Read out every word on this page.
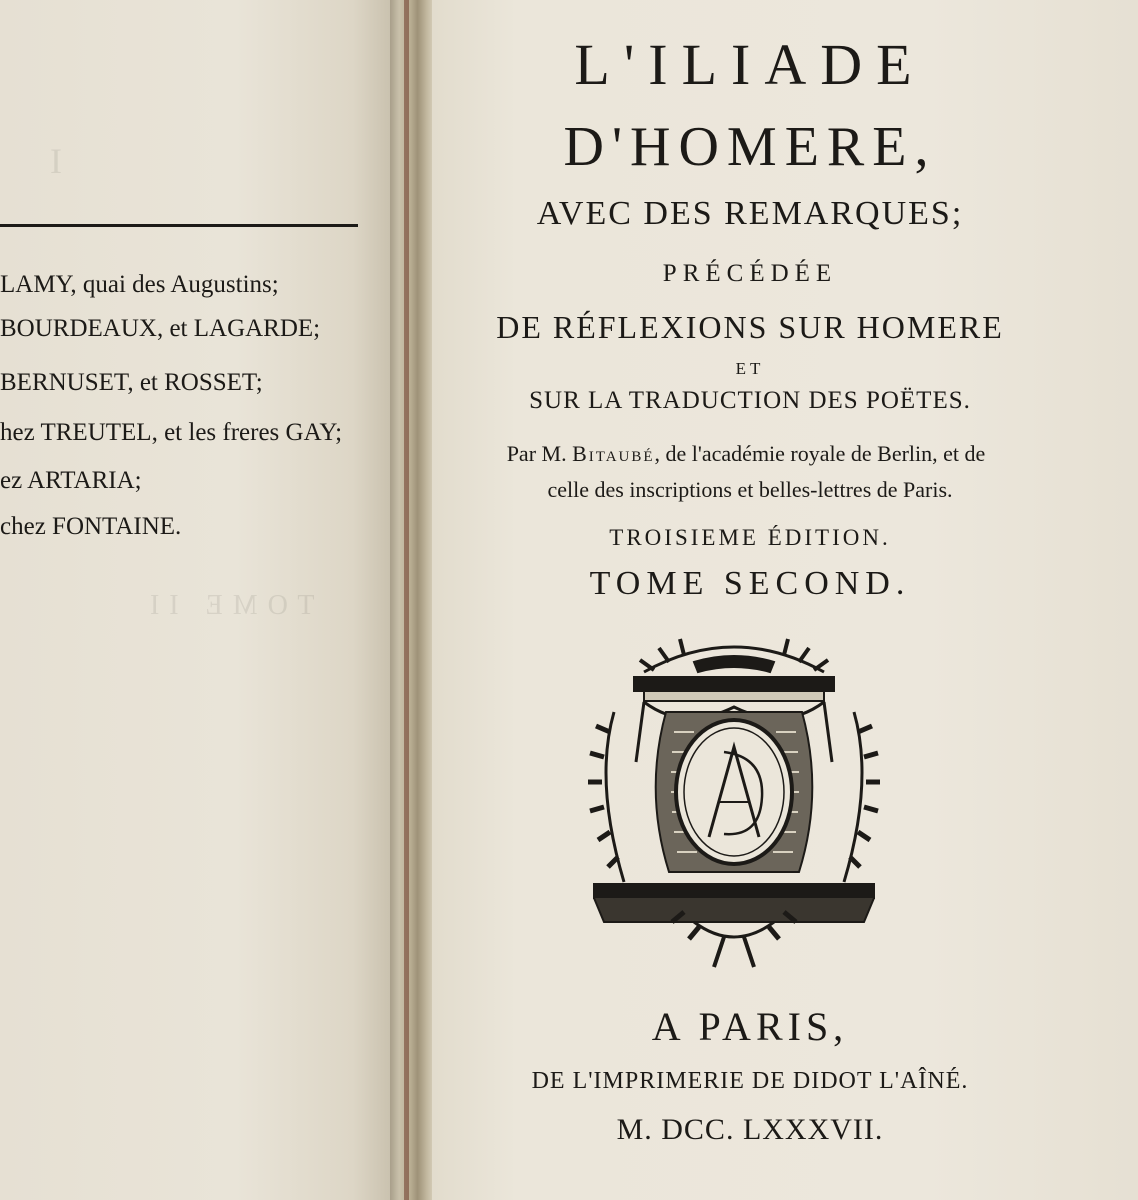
I
TOME II
LAMY, quai des Augustins;
BOURDEAUX, et LAGARDE;
BERNUSET, et ROSSET;
hez TREUTEL, et les freres GAY;
ez ARTARIA;
chez FONTAINE.
L'ILIADE
D'HOMERE,
AVEC DES REMARQUES;
PRÉCÉDÉE
DE RÉFLEXIONS SUR HOMERE
ET
SUR LA TRADUCTION DES POËTES.
Par M. Bitaubé, de l'académie royale de Berlin, et de
celle des inscriptions et belles-lettres de Paris.
TROISIEME ÉDITION.
TOME SECOND.
A PARIS,
DE L'IMPRIMERIE DE DIDOT L'AÎNÉ.
M. DCC. LXXXVII.
